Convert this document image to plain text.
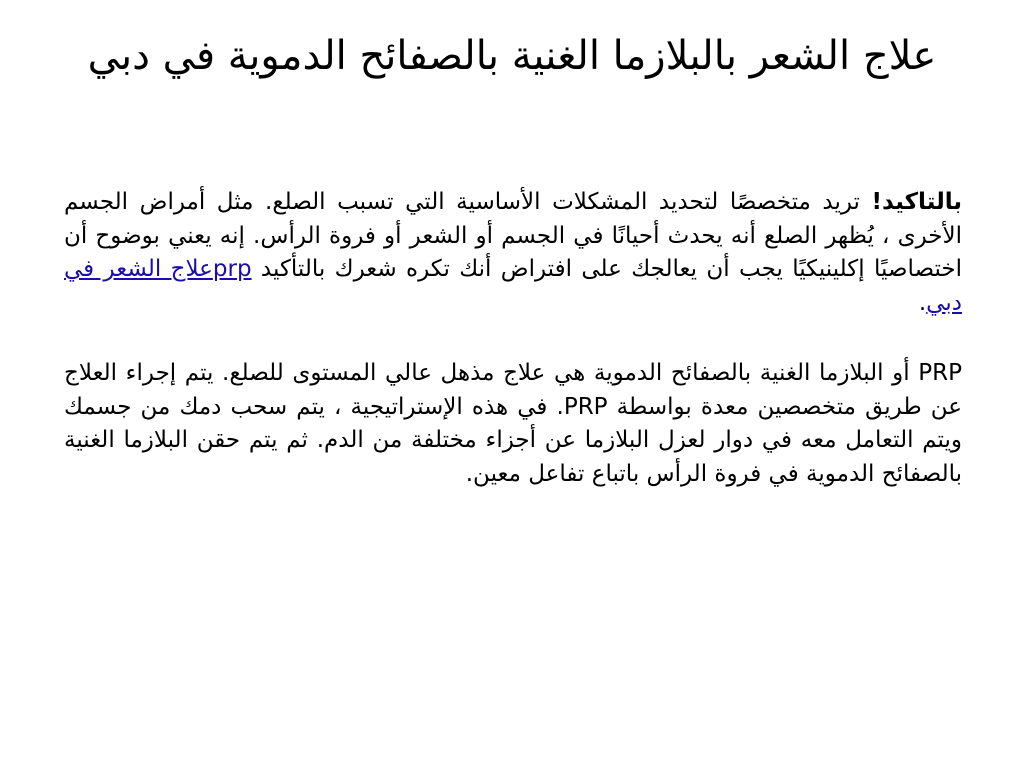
علاج الشعر بالبلازما الغنية بالصفائح الدموية في دبي

بالتاكيد! تريد متخصصًا لتحديد المشكلات الأساسية التي تسبب الصلع. مثل أمراض الجسم الأخرى ، يُظهر الصلع أنه يحدث أحيانًا في الجسم أو الشعر أو فروة الرأس. إنه يعني بوضوح أن اختصاصيًا إكلينيكيًا يجب أن يعالجك على افتراض أنك تكره شعرك بالتأكيد prpعلاج الشعر في دبي.

PRP أو البلازما الغنية بالصفائح الدموية هي علاج مذهل عالي المستوى للصلع. يتم إجراء العلاج عن طريق متخصصين معدة بواسطة PRP. في هذه الإستراتيجية ، يتم سحب دمك من جسمك ويتم التعامل معه في دوار لعزل البلازما عن أجزاء مختلفة من الدم. ثم يتم حقن البلازما الغنية بالصفائح الدموية في فروة الرأس باتباع تفاعل معين.
